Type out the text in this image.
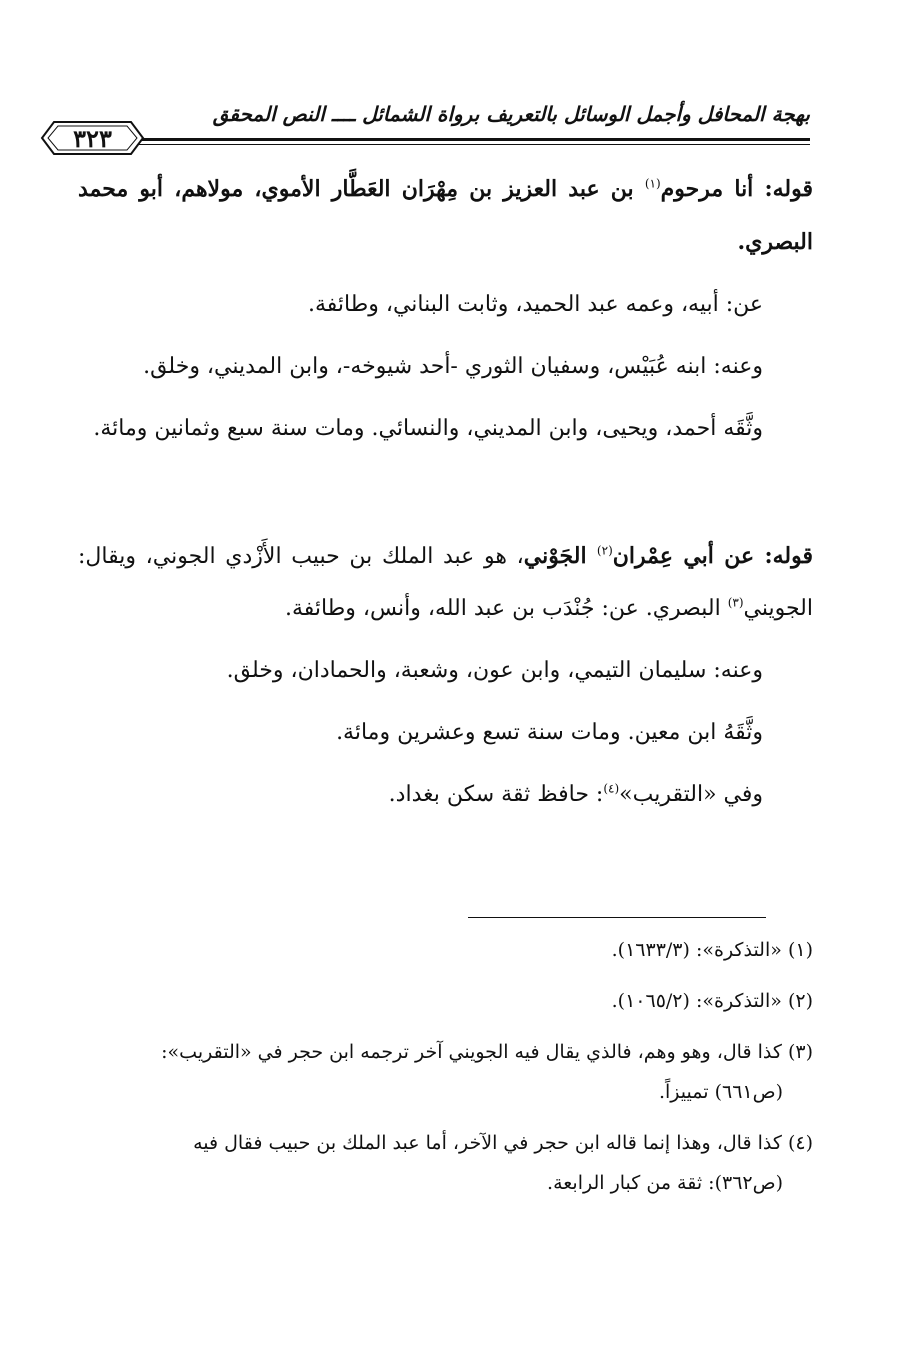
بهجة المحافل وأجمل الوسائل بالتعريف برواة الشمائل ــــ النص المحقق
٣٢٣

قوله: أنا مرحوم$^{(١)}$ بن عبد العزيز بن مِهْرَان العَطَّار الأموي، مولاهم، أبو محمد البصري.

عن: أبيه، وعمه عبد الحميد، وثابت البناني، وطائفة.

وعنه: ابنه عُبَيْس، وسفيان الثوري -أحد شيوخه-، وابن المديني، وخلق.

وثَّقَه أحمد، ويحيى، وابن المديني، والنسائي. ومات سنة سبع وثمانين ومائة.

قوله: عن أبي عِمْران$^{(٢)}$ الجَوْني، هو عبد الملك بن حبيب الأَزْدي الجوني، ويقال: الجويني$^{(٣)}$ البصري. عن: جُنْدَب بن عبد الله، وأنس، وطائفة.

وعنه: سليمان التيمي، وابن عون، وشعبة، والحمادان، وخلق.

وثَّقَهُ ابن معين. ومات سنة تسع وعشرين ومائة.

وفي «التقريب»$^{(٤)}$: حافظ ثقة سكن بغداد.

(١) «التذكرة»: (١٦٣٣/٣).

(٢) «التذكرة»: (١٠٦٥/٢).

(٣) كذا قال، وهو وهم، فالذي يقال فيه الجويني آخر ترجمه ابن حجر في «التقريب»:
(ص٦٦١) تمييزاً.

(٤) كذا قال، وهذا إنما قاله ابن حجر في الآخر، أما عبد الملك بن حبيب فقال فيه
(ص٣٦٢): ثقة من كبار الرابعة.
